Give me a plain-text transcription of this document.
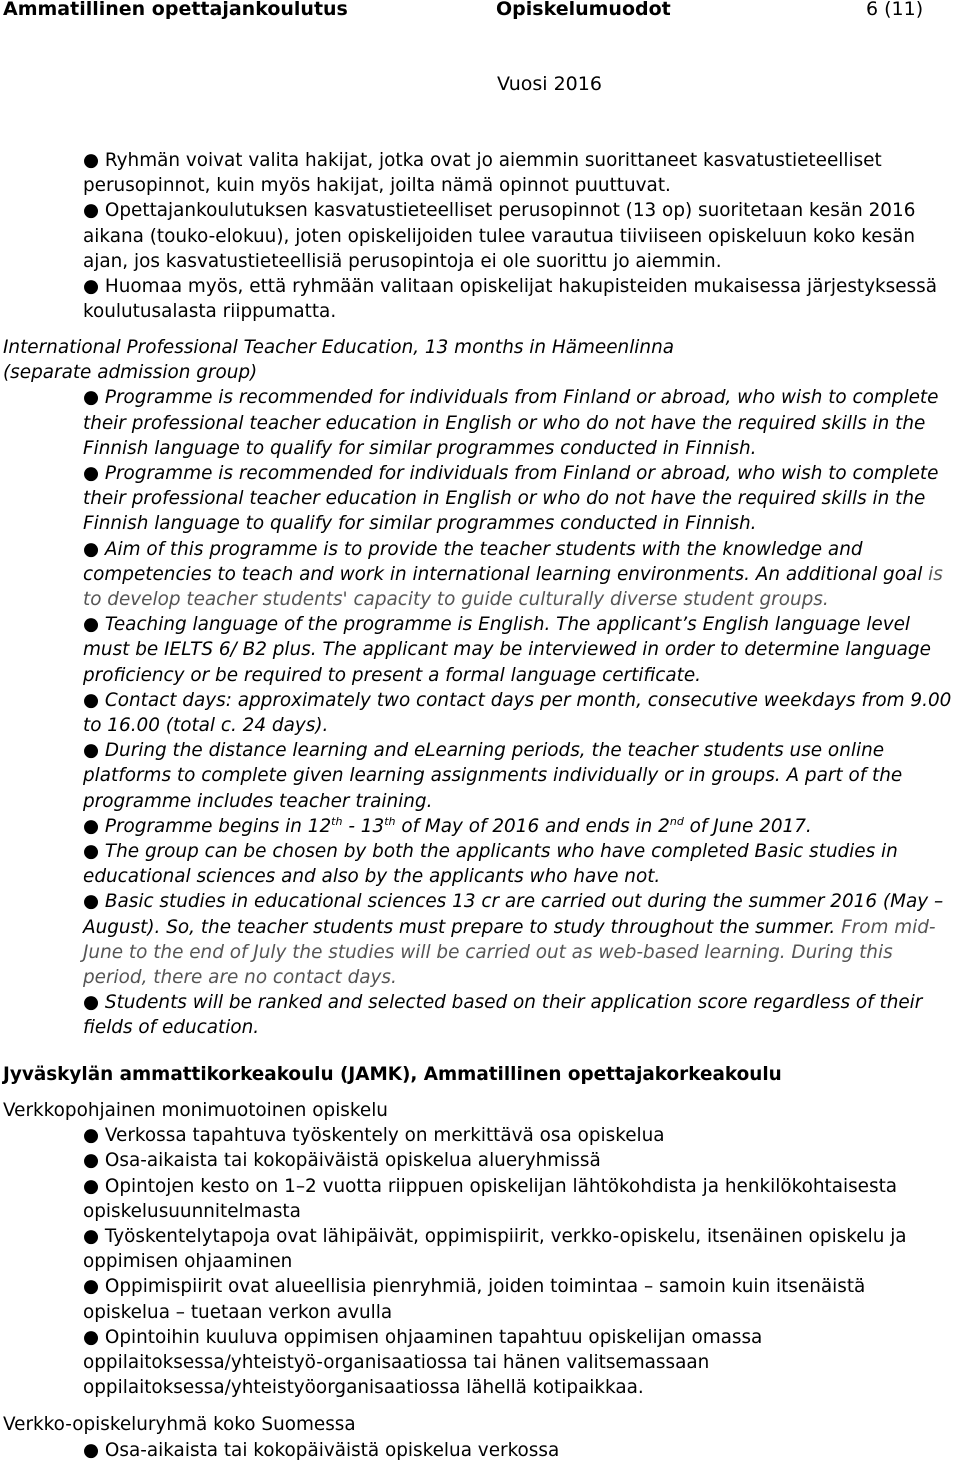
Ammatillinen opettajankoulutus	Opiskelumuodot	6 (11)
Vuosi 2016

● Ryhmän voivat valita hakijat, jotka ovat jo aiemmin suorittaneet kasvatustieteelliset perusopinnot, kuin myös hakijat, joilta nämä opinnot puuttuvat.

● Opettajankoulutuksen kasvatustieteelliset perusopinnot (13 op) suoritetaan kesän 2016 aikana (touko-elokuu), joten opiskelijoiden tulee varautua tiiviiseen opiskeluun koko kesän ajan, jos kasvatustieteellisiä perusopintoja ei ole suorittu jo aiemmin.

● Huomaa myös, että ryhmään valitaan opiskelijat hakupisteiden mukaisessa järjestyksessä koulutusalasta riippumatta.

International Professional Teacher Education, 13 months in Hämeenlinna

(separate admission group)

● Programme is recommended for individuals from Finland or abroad, who wish to complete their professional teacher education in English or who do not have the required skills in the Finnish language to qualify for similar programmes conducted in Finnish.

● Programme is recommended for individuals from Finland or abroad, who wish to complete their professional teacher education in English or who do not have the required skills in the Finnish language to qualify for similar programmes conducted in Finnish.

● Aim of this programme is to provide the teacher students with the knowledge and competencies to teach and work in international learning environments. An additional goal is to develop teacher students' capacity to guide culturally diverse student groups.

● Teaching language of the programme is English. The applicant’s English language level must be IELTS 6/ B2 plus. The applicant may be interviewed in order to determine language proficiency or be required to present a formal language certificate.

● Contact days: approximately two contact days per month, consecutive weekdays from 9.00 to 16.00 (total c. 24 days).

● During the distance learning and eLearning periods, the teacher students use online platforms to complete given learning assignments individually or in groups. A part of the programme includes teacher training.

● Programme begins in 12th - 13th of May of 2016 and ends in 2nd of June 2017.

● The group can be chosen by both the applicants who have completed Basic studies in educational sciences and also by the applicants who have not.

● Basic studies in educational sciences 13 cr are carried out during the summer 2016 (May – August). So, the teacher students must prepare to study throughout the summer. From mid-June to the end of July the studies will be carried out as web-based learning. During this period, there are no contact days.

● Students will be ranked and selected based on their application score regardless of their fields of education.

Jyväskylän ammattikorkeakoulu (JAMK), Ammatillinen opettajakorkeakoulu

Verkkopohjainen monimuotoinen opiskelu

● Verkossa tapahtuva työskentely on merkittävä osa opiskelua

● Osa-aikaista tai kokopäiväistä opiskelua alueryhmissä

● Opintojen kesto on 1–2 vuotta riippuen opiskelijan lähtökohdista ja henkilökohtaisesta opiskelusuunnitelmasta

● Työskentelytapoja ovat lähipäivät, oppimispiirit, verkko-opiskelu, itsenäinen opiskelu ja oppimisen ohjaaminen

● Oppimispiirit ovat alueellisia pienryhmiä, joiden toimintaa – samoin kuin itsenäistä opiskelua – tuetaan verkon avulla

● Opintoihin kuuluva oppimisen ohjaaminen tapahtuu opiskelijan omassa oppilaitoksessa/yhteistyö-organisaatiossa tai hänen valitsemassaan oppilaitoksessa/yhteistyöorganisaatiossa lähellä kotipaikkaa.

Verkko-opiskeluryhmä koko Suomessa

● Osa-aikaista tai kokopäiväistä opiskelua verkossa
